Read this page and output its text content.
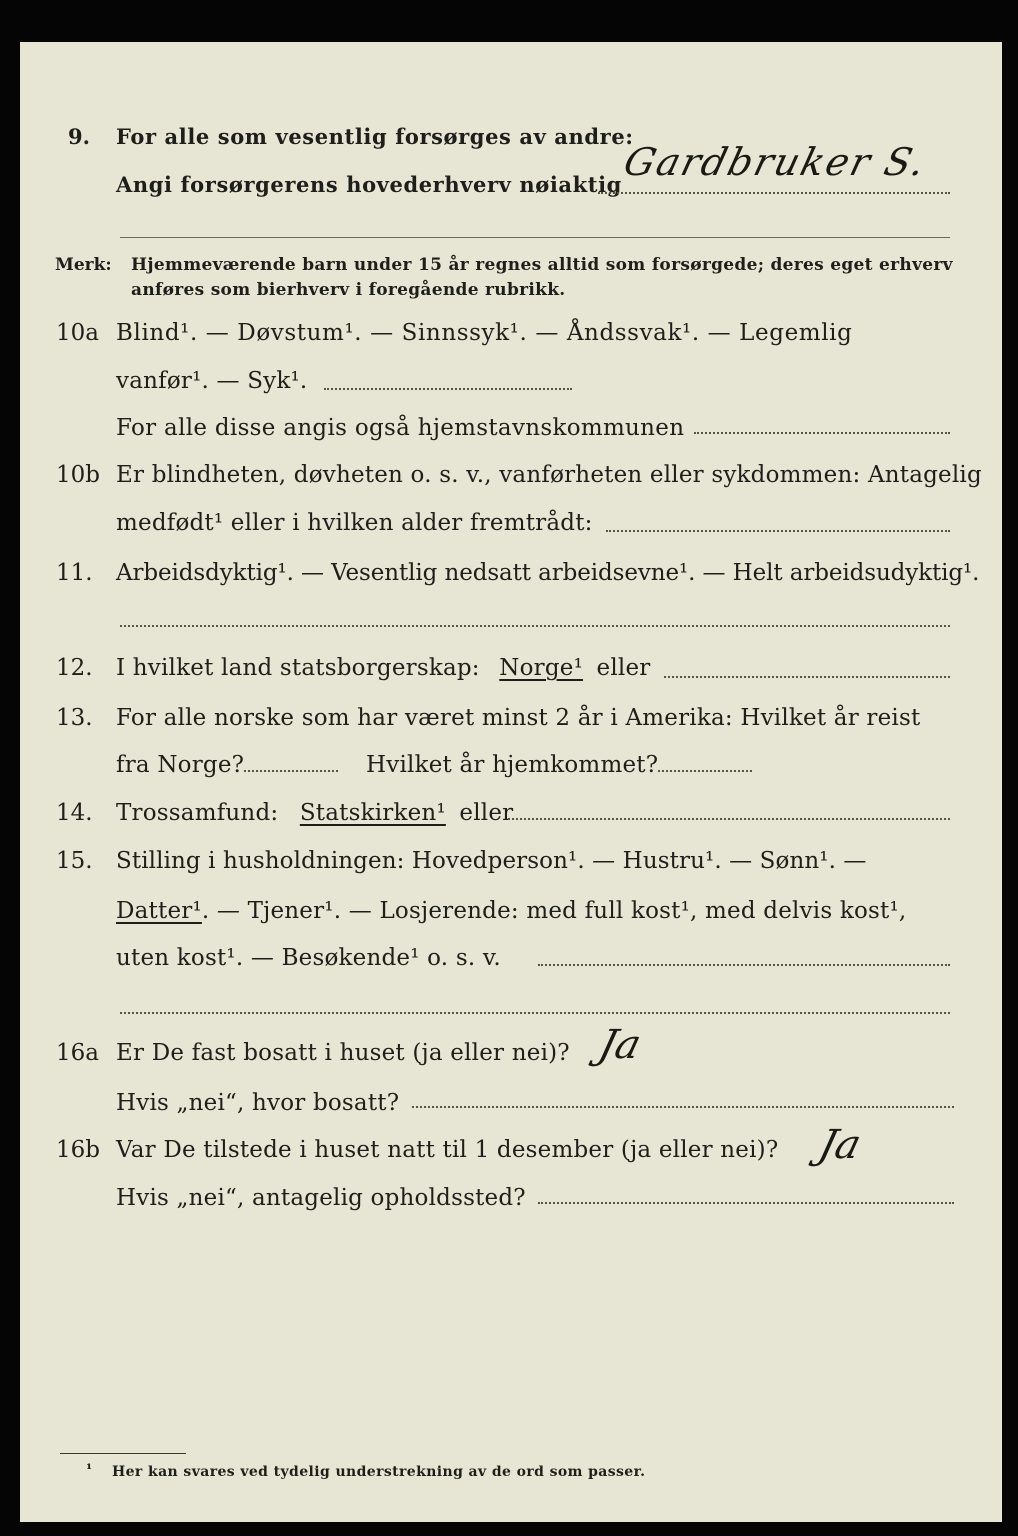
9. For alle som vesentlig forsørges av andre:
Angi forsørgerens hovederhverv nøiaktig
Gardbruker S.
Merk: Hjemmeværende barn under 15 år regnes alltid som forsørgede; deres eget erhverv
anføres som bierhverv i foregående rubrikk.
10a Blind¹. — Døvstum¹. — Sinnssyk¹. — Åndssvak¹. — Legemlig
vanfør¹. — Syk¹.
For alle disse angis også hjemstavnskommunen
10b Er blindheten, døvheten o. s. v., vanførheten eller sykdommen: Antagelig
medfødt¹ eller i hvilken alder fremtrådt:
11. Arbeidsdyktig¹. — Vesentlig nedsatt arbeidsevne¹. — Helt arbeidsudyktig¹.
12. I hvilket land statsborgerskap: Norge¹ eller
13. For alle norske som har været minst 2 år i Amerika: Hvilket år reist
fra Norge?	Hvilket år hjemkommet?
14. Trossamfund: Statskirken¹ eller
15. Stilling i husholdningen: Hovedperson¹. — Hustru¹. — Sønn¹. —
Datter¹. — Tjener¹. — Losjerende: med full kost¹, med delvis kost¹,
uten kost¹. — Besøkende¹ o. s. v.
16a Er De fast bosatt i huset (ja eller nei)? Ja
Hvis „nei“, hvor bosatt?
16b Var De tilstede i huset natt til 1 desember (ja eller nei)? Ja
Hvis „nei“, antagelig opholdssted?
¹ Her kan svares ved tydelig understrekning av de ord som passer.
